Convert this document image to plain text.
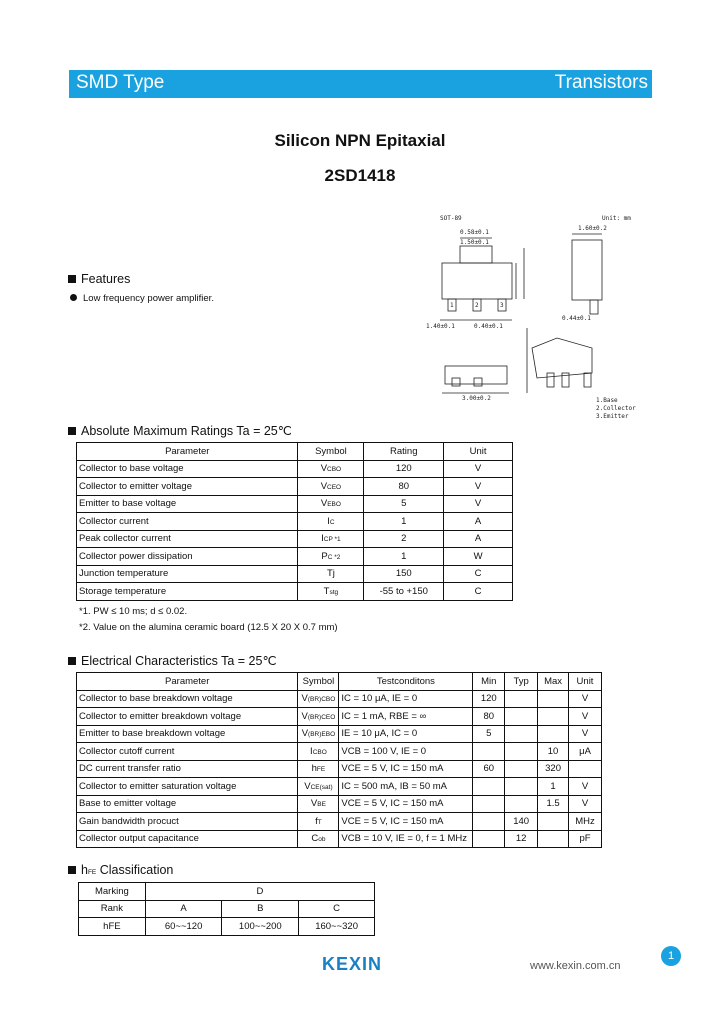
SMD Type	Transistors
Silicon NPN Epitaxial
2SD1418
SOT-89	Unit: mm
0.58±0.1
1.50±0.1
1.60±0.2
1.40±0.1	0.40±0.1
0.44±0.1
3.00±0.2
1	2	3
1.Base
2.Collector
3.Emitter
Features
Low frequency power amplifier.
Absolute Maximum Ratings Ta = 25℃
Parameter	Symbol	Rating	Unit
Collector to base voltage	VCBO	120	V
Collector to emitter voltage	VCEO	80	V
Emitter to base voltage	VEBO	5	V
Collector current	IC	1	A
Peak collector current	ICP *1	2	A
Collector power dissipation	PC *2	1	W
Junction temperature	Tj	150	C
Storage temperature	Tstg	-55 to +150	C
*1. PW ≤ 10 ms; d ≤ 0.02.
*2. Value on the alumina ceramic board (12.5 X 20 X 0.7 mm)
Electrical Characteristics Ta = 25℃
Parameter	Symbol	Testconditons	Min	Typ	Max	Unit
Collector to base breakdown voltage	V(BR)CBO	IC = 10 μA, IE = 0	120			V
Collector to emitter breakdown voltage	V(BR)CEO	IC = 1 mA, RBE = ∞	80			V
Emitter to base breakdown voltage	V(BR)EBO	IE = 10 μA, IC = 0	5			V
Collector cutoff current	ICBO	VCB = 100 V, IE = 0			10	μA
DC current transfer ratio	hFE	VCE = 5 V, IC = 150 mA	60		320	
Collector to emitter saturation voltage	VCE(sat)	IC = 500 mA, IB = 50 mA			1	V
Base to emitter voltage	VBE	VCE = 5 V, IC = 150 mA			1.5	V
Gain bandwidth procuct	fT	VCE = 5 V, IC = 150 mA		140		MHz
Collector output capacitance	Cob	VCB = 10 V, IE = 0, f = 1 MHz		12		pF
hFE Classification
Marking	D		
Rank	A	B	C
hFE	60~~120	100~~200	160~~320
KEXIN	www.kexin.com.cn
1
